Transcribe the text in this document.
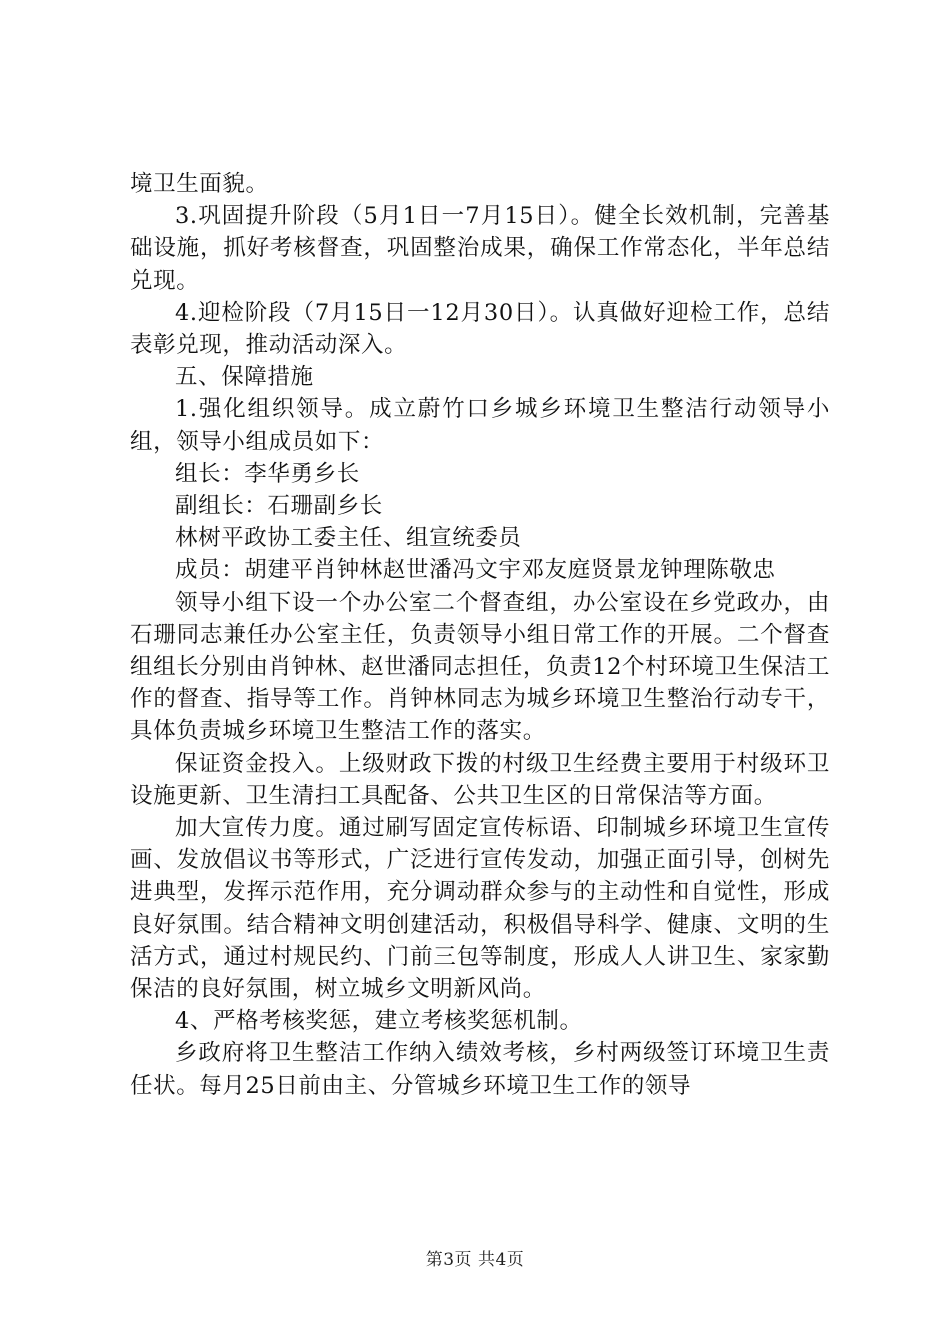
境卫生面貌。

3.巩固提升阶段（5月1日一7月15日）。健全长效机制，完善基础设施，抓好考核督查，巩固整治成果，确保工作常态化，半年总结兑现。

4.迎检阶段（7月15日一12月30日）。认真做好迎检工作，总结表彰兑现，推动活动深入。

五、保障措施

1.强化组织领导。成立蔚竹口乡城乡环境卫生整洁行动领导小组，领导小组成员如下：

组长：李华勇乡长

副组长：石珊副乡长

林树平政协工委主任、组宣统委员

成员：胡建平肖钟林赵世潘冯文宇邓友庭贤景龙钟理陈敬忠

领导小组下设一个办公室二个督查组，办公室设在乡党政办，由石珊同志兼任办公室主任，负责领导小组日常工作的开展。二个督查组组长分别由肖钟林、赵世潘同志担任，负责12个村环境卫生保洁工作的督查、指导等工作。肖钟林同志为城乡环境卫生整治行动专干，具体负责城乡环境卫生整洁工作的落实。

保证资金投入。上级财政下拨的村级卫生经费主要用于村级环卫设施更新、卫生清扫工具配备、公共卫生区的日常保洁等方面。

加大宣传力度。通过刷写固定宣传标语、印制城乡环境卫生宣传画、发放倡议书等形式，广泛进行宣传发动，加强正面引导，创树先进典型，发挥示范作用，充分调动群众参与的主动性和自觉性，形成良好氛围。结合精神文明创建活动，积极倡导科学、健康、文明的生活方式，通过村规民约、门前三包等制度，形成人人讲卫生、家家勤保洁的良好氛围，树立城乡文明新风尚。

4、严格考核奖惩，建立考核奖惩机制。

乡政府将卫生整洁工作纳入绩效考核，乡村两级签订环境卫生责任状。每月25日前由主、分管城乡环境卫生工作的领导

第3页 共4页
